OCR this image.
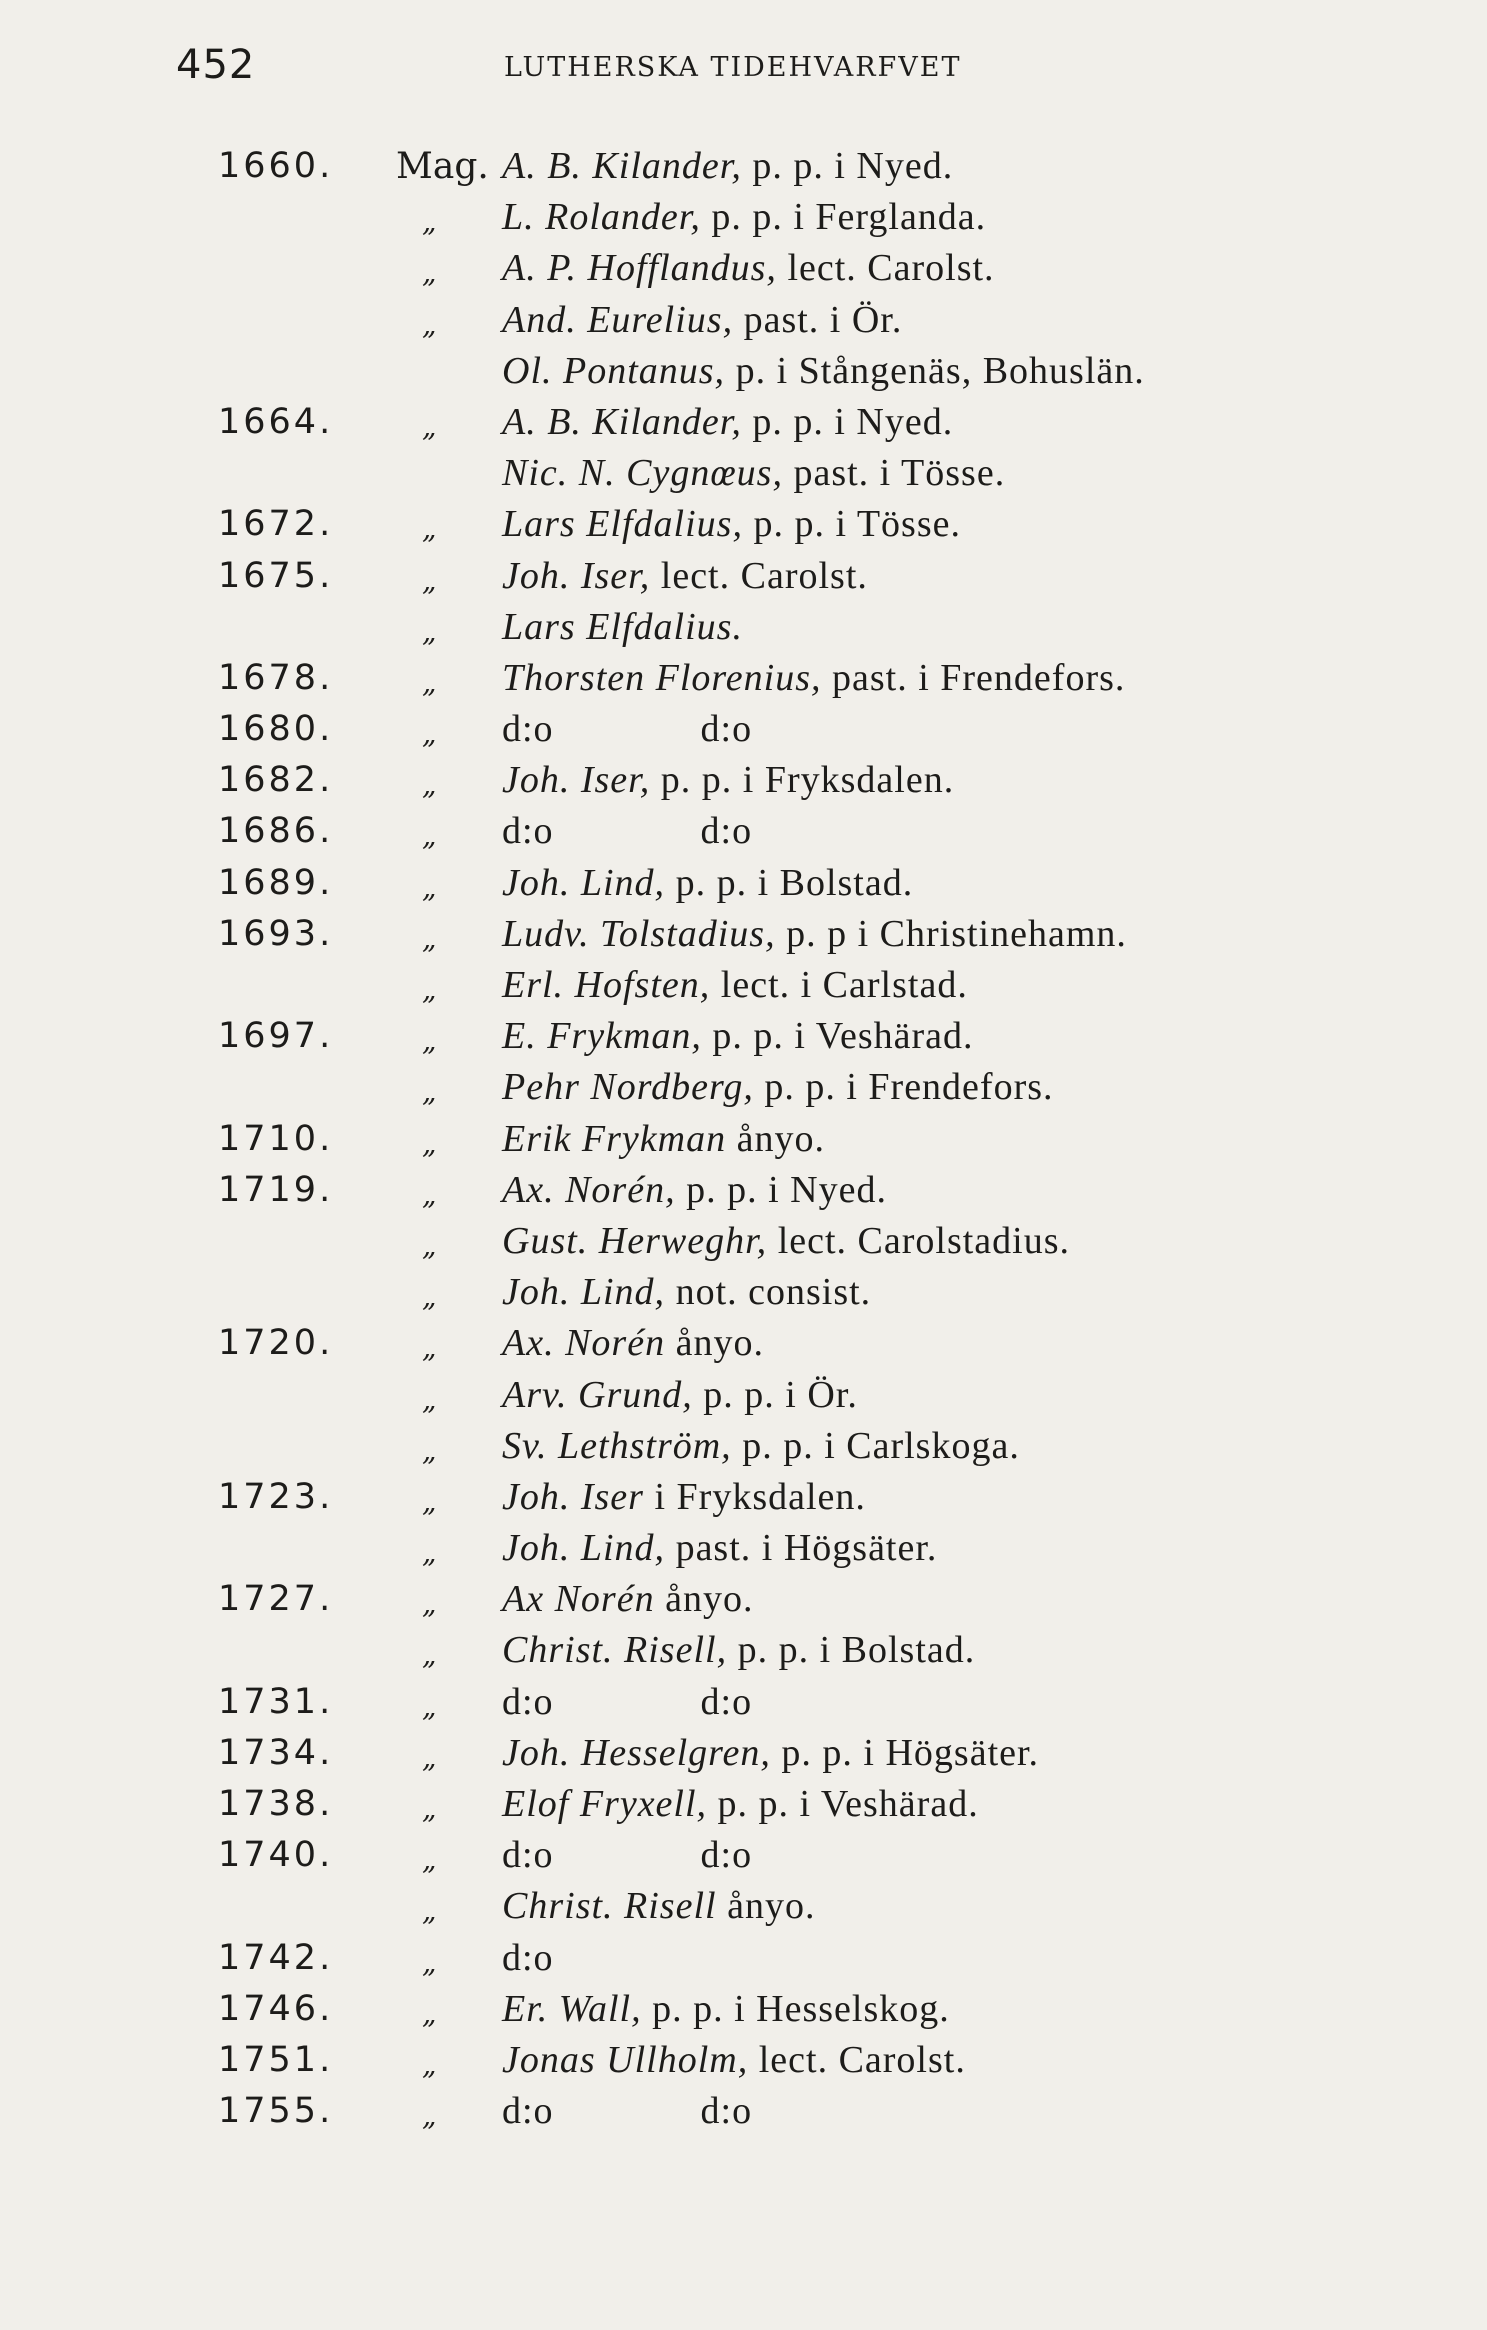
452	LUTHERSKA TIDEHVARFVET
1660. Mag. A. B. Kilander, p. p. i Nyed.
„ L. Rolander, p. p. i Ferglanda.
„ A. P. Hofflandus, lect. Carolst.
„ And. Eurelius, past. i Ör.
Ol. Pontanus, p. i Stångenäs, Bohuslän.
1664.	„ A. B. Kilander, p. p. i Nyed.
Nic. N. Cygnœus, past. i Tösse.
1672.	„ Lars Elfdalius, p. p. i Tösse.
1675.	„ Joh. Iser, lect. Carolst.
„ Lars Elfdalius.
1678.	„ Thorsten Florenius, past. i Frendefors.
1680.	„ d:o              d:o
1682.	„ Joh. Iser, p. p. i Fryksdalen.
1686.	„ d:o              d:o
1689.	„ Joh. Lind, p. p. i Bolstad.
1693.	„ Ludv. Tolstadius, p. p i Christinehamn.
„ Erl. Hofsten, lect. i Carlstad.
1697.	„ E. Frykman, p. p. i Veshärad.
„ Pehr Nordberg, p. p. i Frendefors.
1710.	„ Erik Frykman ånyo.
1719.	„ Ax. Norén, p. p. i Nyed.
„ Gust. Herweghr, lect. Carolstadius.
„ Joh. Lind, not. consist.
1720.	„ Ax. Norén ånyo.
„ Arv. Grund, p. p. i Ör.
„ Sv. Lethström, p. p. i Carlskoga.
1723.	„ Joh. Iser i Fryksdalen.
„ Joh. Lind, past. i Högsäter.
1727.	„ Ax Norén ånyo.
„ Christ. Risell, p. p. i Bolstad.
1731.	„ d:o              d:o
1734.	„ Joh. Hesselgren, p. p. i Högsäter.
1738.	„ Elof Fryxell, p. p. i Veshärad.
1740.	„ d:o              d:o
„ Christ. Risell ånyo.
1742.	„ d:o
1746.	„ Er. Wall, p. p. i Hesselskog.
1751.	„ Jonas Ullholm, lect. Carolst.
1755.	„ d:o              d:o
